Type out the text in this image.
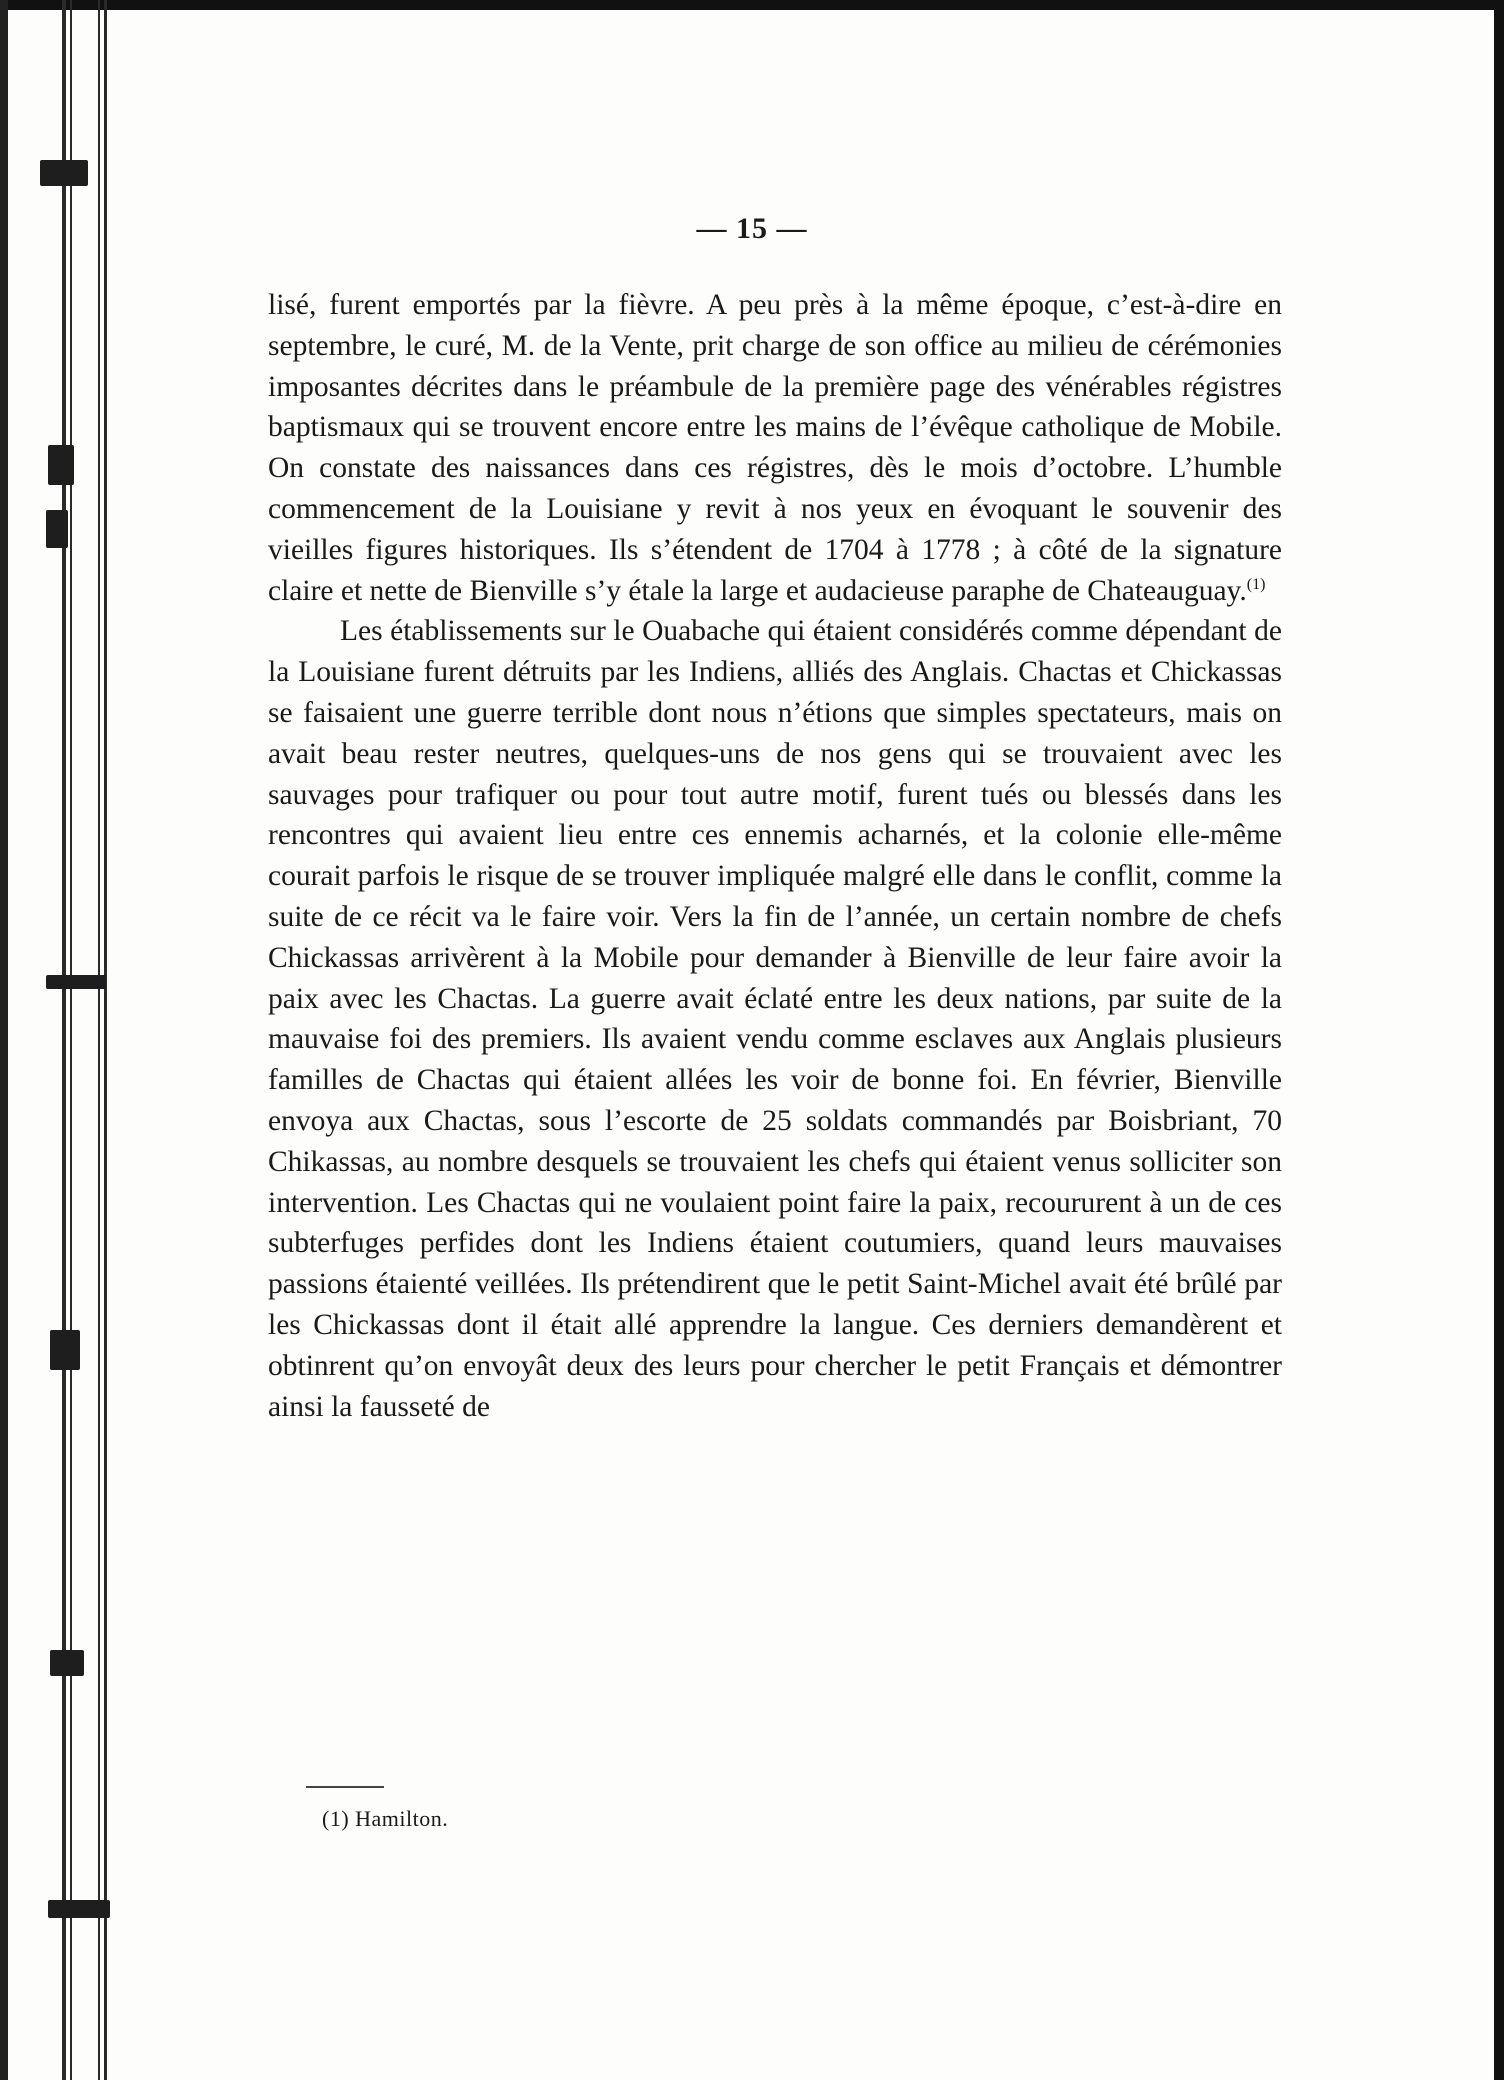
— 15 —

lisé, furent emportés par la fièvre. A peu près à la même époque, c’est-à-dire en septembre, le curé, M. de la Vente, prit charge de son office au milieu de cérémonies imposantes décrites dans le préambule de la première page des vénérables régistres baptismaux qui se trouvent encore entre les mains de l’évêque catholique de Mobile. On constate des naissances dans ces régistres, dès le mois d’octobre. L’humble commencement de la Louisiane y revit à nos yeux en évoquant le souvenir des vieilles figures historiques. Ils s’étendent de 1704 à 1778 ; à côté de la signature claire et nette de Bienville s’y étale la large et audacieuse paraphe de Chateauguay.$^{(1)}$

Les établissements sur le Ouabache qui étaient considérés comme dépendant de la Louisiane furent détruits par les Indiens, alliés des Anglais. Chactas et Chickassas se faisaient une guerre terrible dont nous n’étions que simples spectateurs, mais on avait beau rester neutres, quelques-uns de nos gens qui se trouvaient avec les sauvages pour trafiquer ou pour tout autre motif, furent tués ou blessés dans les rencontres qui avaient lieu entre ces ennemis acharnés, et la colonie elle-même courait parfois le risque de se trouver impliquée malgré elle dans le conflit, comme la suite de ce récit va le faire voir. Vers la fin de l’année, un certain nombre de chefs Chickassas arrivèrent à la Mobile pour demander à Bienville de leur faire avoir la paix avec les Chactas. La guerre avait éclaté entre les deux nations, par suite de la mauvaise foi des premiers. Ils avaient vendu comme esclaves aux Anglais plusieurs familles de Chactas qui étaient allées les voir de bonne foi. En février, Bienville envoya aux Chactas, sous l’escorte de 25 soldats commandés par Boisbriant, 70 Chikassas, au nombre desquels se trouvaient les chefs qui étaient venus solliciter son intervention. Les Chactas qui ne voulaient point faire la paix, recoururent à un de ces subterfuges perfides dont les Indiens étaient coutumiers, quand leurs mauvaises passions étaienté veillées. Ils prétendirent que le petit Saint-Michel avait été brûlé par les Chickassas dont il était allé apprendre la langue. Ces derniers demandèrent et obtinrent qu’on envoyât deux des leurs pour chercher le petit Français et démontrer ainsi la fausseté de

(1) Hamilton.
